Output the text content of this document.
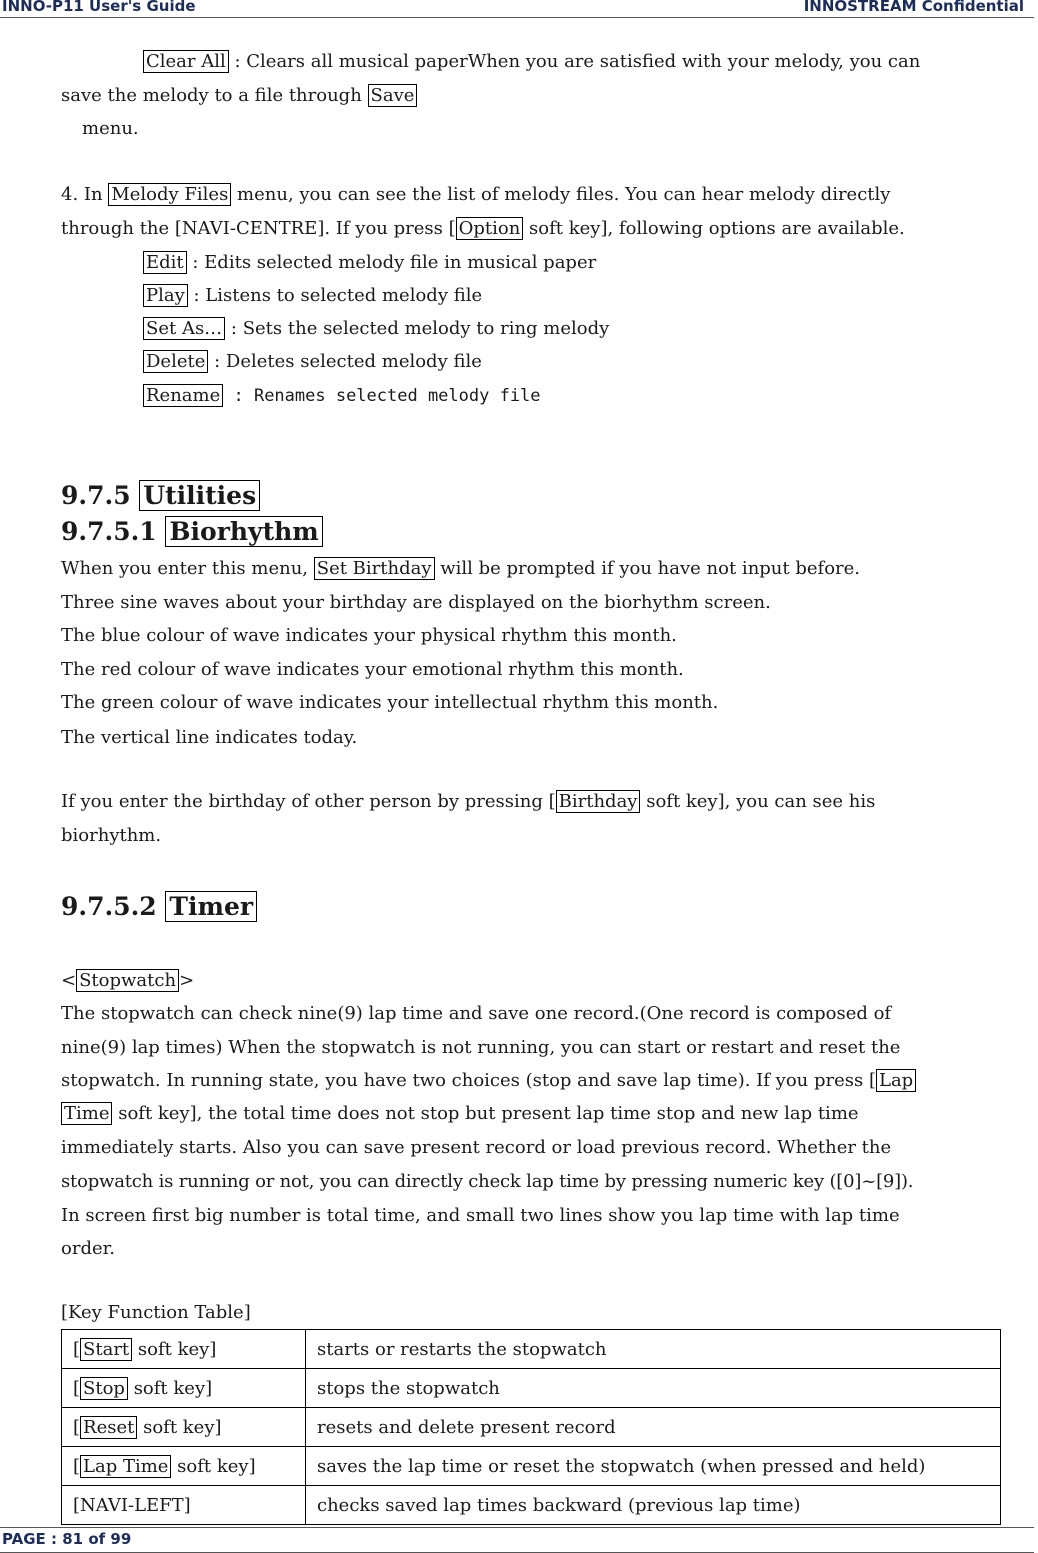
INNO-P11 User's Guide	INNOSTREAM Confidential
Clear All : Clears all musical paperWhen you are satisfied with your melody, you can
save the melody to a file through Save
menu.
4. In Melody Files menu, you can see the list of melody files. You can hear melody directly
through the [NAVI-CENTRE]. If you press [ Option soft key], following options are available.
Edit : Edits selected melody file in musical paper
Play : Listens to selected melody file
Set As… : Sets the selected melody to ring melody
Delete : Deletes selected melody file
Rename : Renames selected melody file
9.7.5 Utilities
9.7.5.1 Biorhythm
When you enter this menu, Set Birthday will be prompted if you have not input before.
Three sine waves about your birthday are displayed on the biorhythm screen.
The blue colour of wave indicates your physical rhythm this month.
The red colour of wave indicates your emotional rhythm this month.
The green colour of wave indicates your intellectual rhythm this month.
The vertical line indicates today.
If you enter the birthday of other person by pressing [ Birthday soft key], you can see his
biorhythm.
9.7.5.2 Timer
< Stopwatch >
The stopwatch can check nine(9) lap time and save one record.(One record is composed of
nine(9) lap times) When the stopwatch is not running, you can start or restart and reset the
stopwatch. In running state, you have two choices (stop and save lap time). If you press [ Lap
Time soft key], the total time does not stop but present lap time stop and new lap time
immediately starts. Also you can save present record or load previous record. Whether the
stopwatch is running or not, you can directly check lap time by pressing numeric key ([0]~[9]).
In screen first big number is total time, and small two lines show you lap time with lap time
order.
[Key Function Table]
[ Start soft key]	starts or restarts the stopwatch
[ Stop soft key]	stops the stopwatch
[ Reset soft key]	resets and delete present record
[ Lap Time soft key]	saves the lap time or reset the stopwatch (when pressed and held)
[NAVI-LEFT]	checks saved lap times backward (previous lap time)
PAGE : 81 of 99
